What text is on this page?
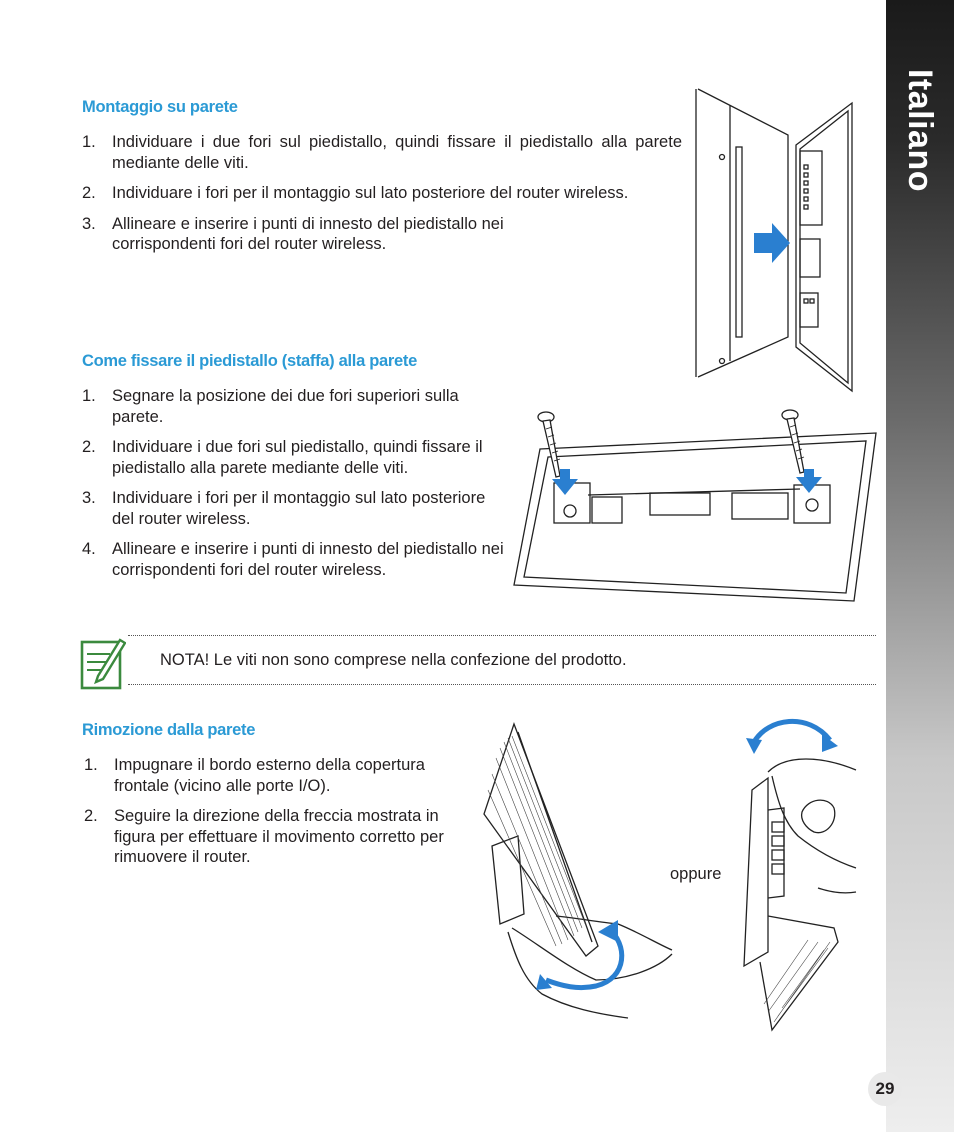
Italiano
Montaggio su parete
1. Individuare i due fori sul piedistallo, quindi fissare il piedistallo alla parete mediante delle viti.
2. Individuare i fori per il montaggio sul lato posteriore del router wireless.
3. Allineare e inserire i punti di innesto del piedistallo nei corrispondenti fori del router wireless.
Come fissare il piedistallo (staffa) alla parete
1. Segnare la posizione dei due fori superiori sulla parete.
2. Individuare i due fori sul piedistallo, quindi fissare il piedistallo alla parete mediante delle viti.
3. Individuare i fori per il montaggio sul lato posteriore del router wireless.
4. Allineare e inserire i punti di innesto del piedistallo nei corrispondenti fori del router wireless.
NOTA! Le viti non sono comprese nella confezione del prodotto.
Rimozione dalla parete
1. Impugnare il bordo esterno della copertura frontale (vicino alle porte I/O).
2. Seguire la direzione della freccia mostrata in figura per effettuare il movimento corretto per rimuovere il router.
oppure
29
